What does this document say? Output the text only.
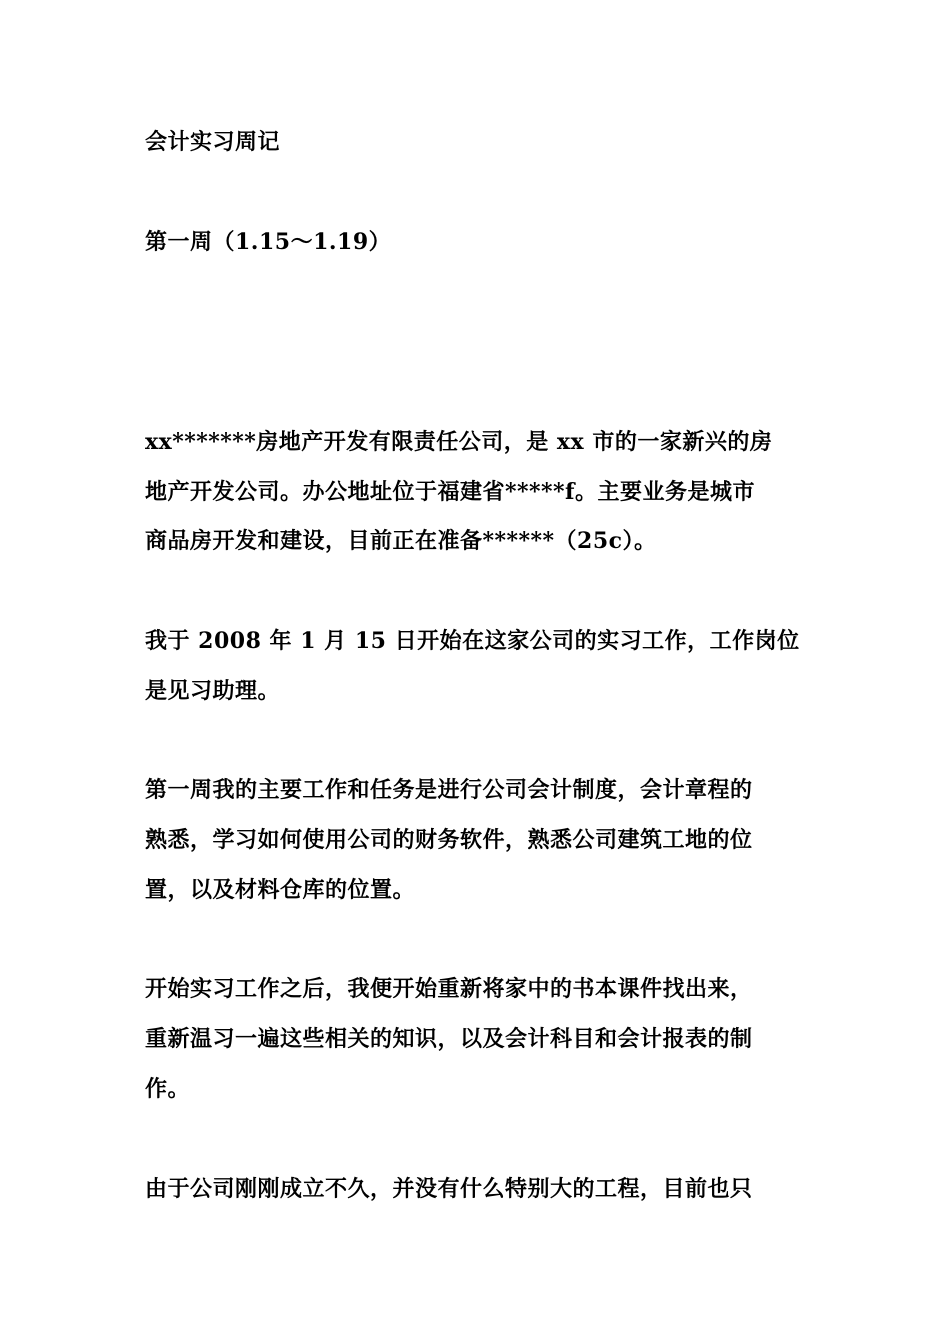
会计实习周记
第一周（1.15～1.19）
xx*******房地产开发有限责任公司，是 xx 市的一家新兴的房
地产开发公司。办公地址位于福建省*****f。主要业务是城市
商品房开发和建设，目前正在准备******（25c）。
我于 2008 年 1 月 15 日开始在这家公司的实习工作，工作岗位
是见习助理。
第一周我的主要工作和任务是进行公司会计制度，会计章程的
熟悉，学习如何使用公司的财务软件，熟悉公司建筑工地的位
置，以及材料仓库的位置。
开始实习工作之后，我便开始重新将家中的书本课件找出来，
重新温习一遍这些相关的知识，以及会计科目和会计报表的制
作。
由于公司刚刚成立不久，并没有什么特别大的工程，目前也只
